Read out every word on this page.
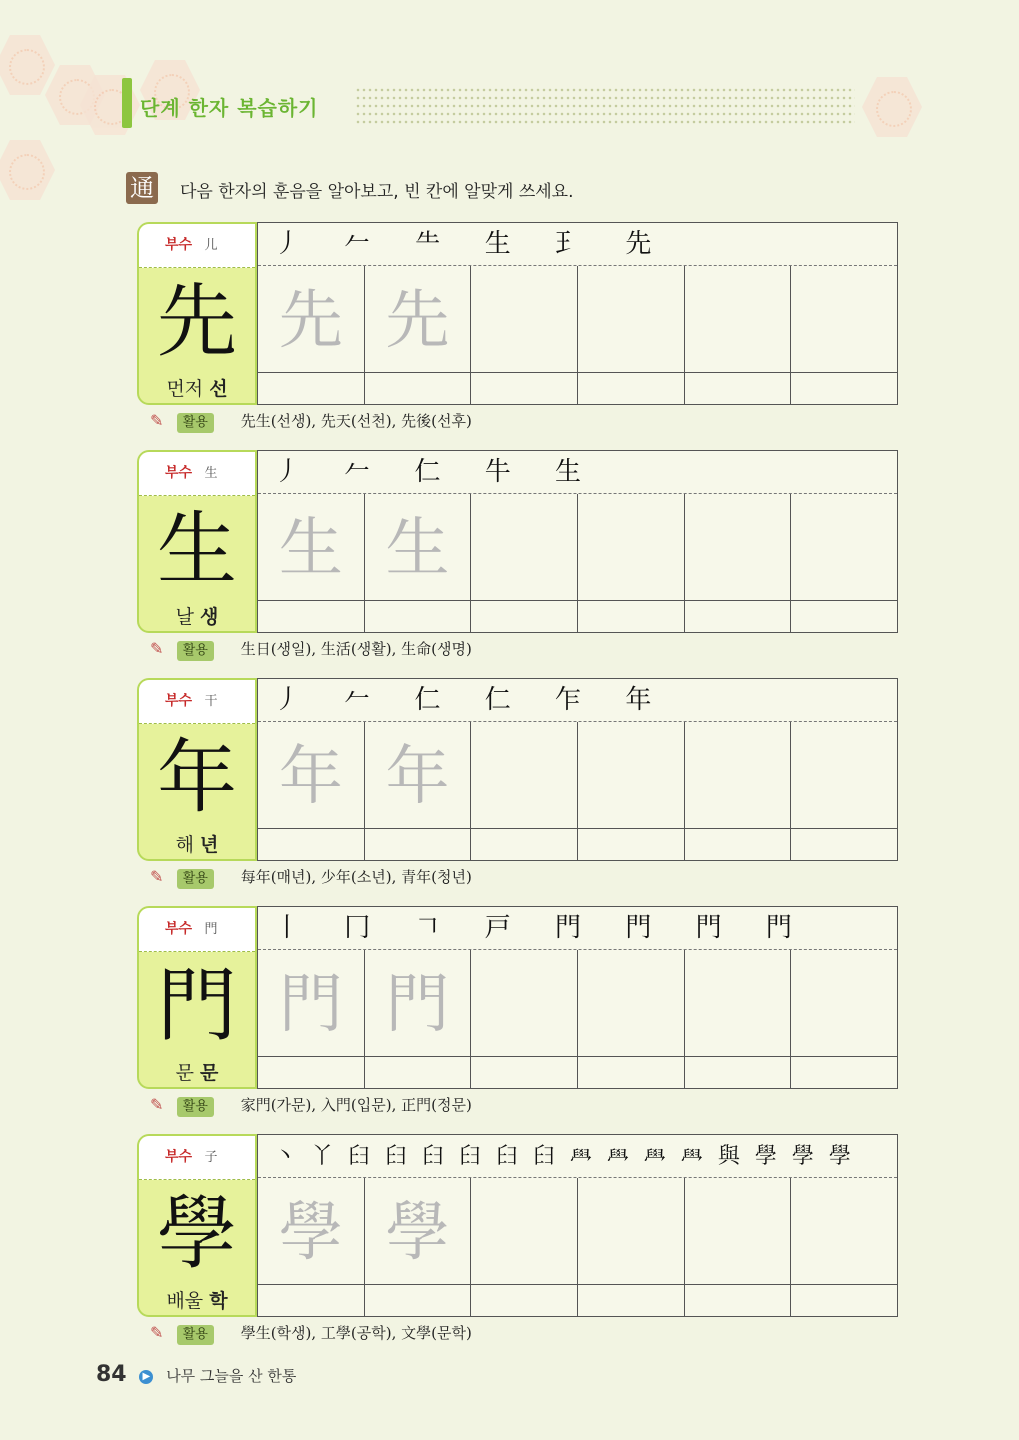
단계 한자 복습하기
通 다음 한자의 훈음을 알아보고, 빈 칸에 알맞게 쓰세요.
부수 儿
先
먼저 선
丿 𠂉 ⺧ 生 ⺩ 先
先 先
✎ 활용 先生(선생), 先天(선천), 先後(선후)
부수 生
生
날 생
丿 𠂉 仁 牛 生
生 生
✎ 활용 生日(생일), 生活(생활), 生命(생명)
부수 干
年
해 년
丿 𠂉 仁 仁 乍 年
年 年
✎ 활용 每年(매년), 少年(소년), 青年(청년)
부수 門
門
문 문
丨 冂 𠃍 戸 門 門 門 門
門 門
✎ 활용 家門(가문), 入門(입문), 正門(정문)
부수 子
學
배울 학
丶 丫 𦥑 𦥑 𦥑 𦥑 𦥑 𦥑 𦥯 𦥯 𦥯 𦥯 與 學 學 學
學 學
✎ 활용 學生(학생), 工學(공학), 文學(문학)
84 ▶ 나무 그늘을 산 한통
